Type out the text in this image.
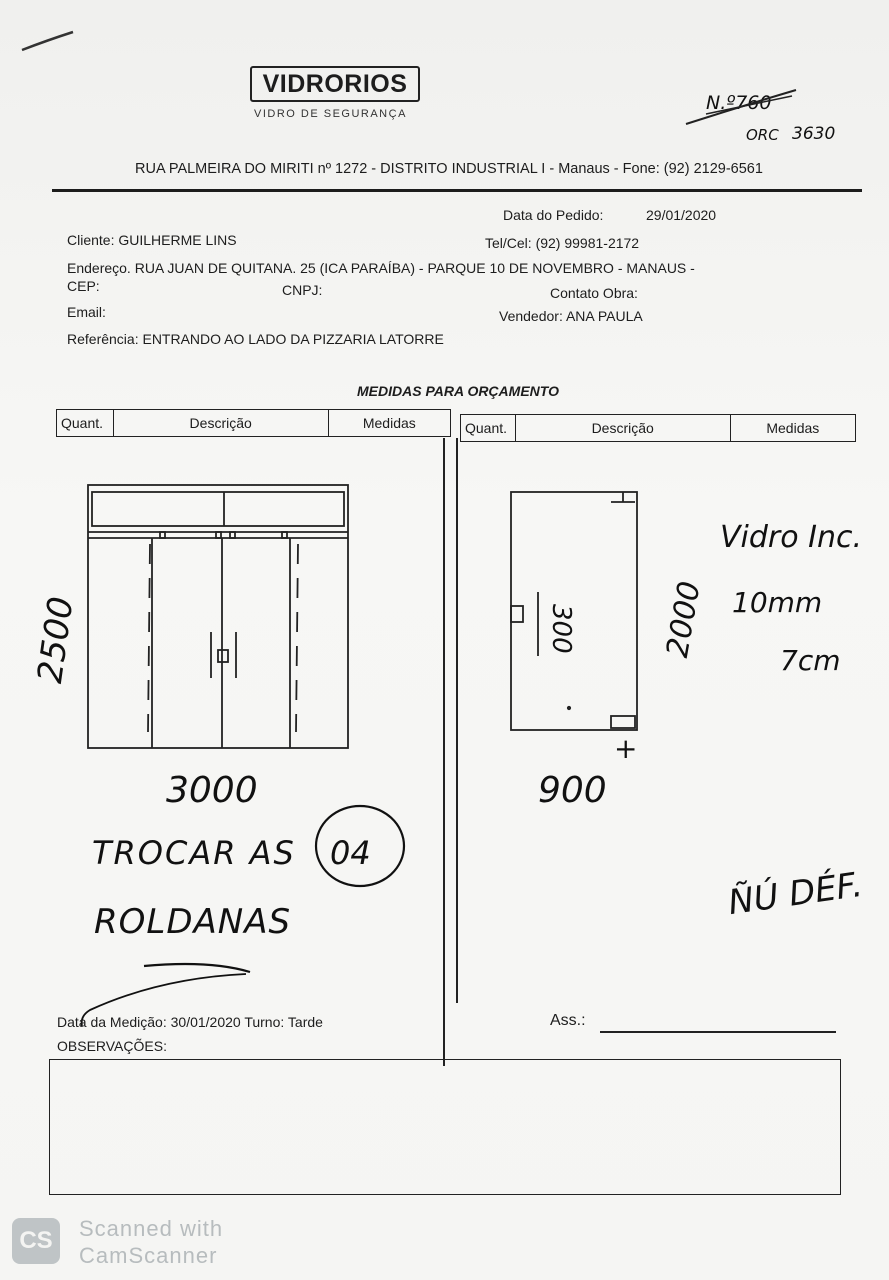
VIDRORIOS
VIDRO DE SEGURANÇA	N.º760
ORC 3630
RUA PALMEIRA DO MIRITI nº 1272 - DISTRITO INDUSTRIAL I - Manaus - Fone: (92) 2129-6561
Data do Pedido:	29/01/2020
Cliente: GUILHERME LINS	Tel/Cel: (92) 99981-2172
Endereço. RUA JUAN DE QUITANA. 25 (ICA PARAÍBA) - PARQUE 10 DE NOVEMBRO - MANAUS -
CEP:	CNPJ:	Contato Obra:
Email:	Vendedor: ANA PAULA
Referência: ENTRANDO AO LADO DA PIZZARIA LATORRE
MEDIDAS PARA ORÇAMENTO
Quant.	Descrição	Medidas	Quant.	Descrição	Medidas
2500
3000
TROCAR AS 04
ROLDANAS
300	2000
+
900
Vidro Inc.
10mm
7cm
ÑÚ DÉF.
Data da Medição: 30/01/2020 Turno: Tarde
OBSERVAÇÕES:
Ass.:
CS	Scanned with
CamScanner
